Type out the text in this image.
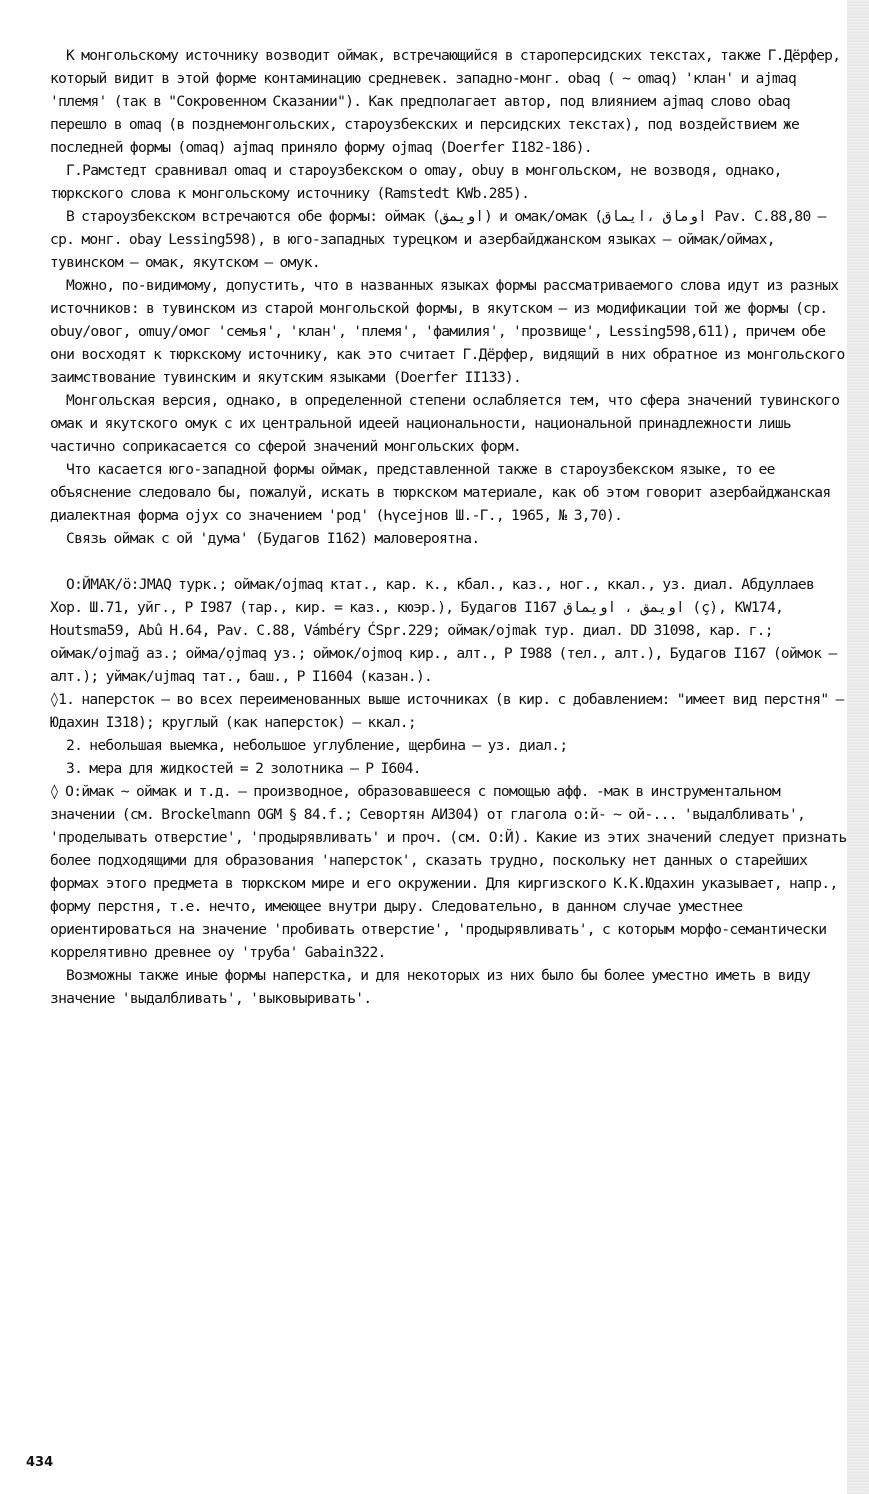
К монгольскому источнику возводит оймак, встречающийся в староперсидских текстах, также Г.Дёрфер, который видит в этой форме контаминацию средневек. западно-монг. obaq ( ~ omaq) 'клан' и ajmaq 'племя' (так в "Сокровенном Сказании"). Как предполагает автор, под влиянием ajmaq слово obaq перешло в omaq (в позднемонгольских, староузбекских и персидских текстах), под воздействием же последней формы (omaq) ajmaq приняло форму ojmaq (Doerfer I182-186).

Г.Рамстедт сравнивал omaq и староузбекском o omay, obuy в монгольском, не возводя, однако, тюркского слова к монгольскому источнику (Ramstedt KWb.285).

В староузбекском встречаются обе формы: оймак (اویمق) и омак/омак (اوماق ،ایماق Pav. C.88,80 – ср. монг. obay Lessing598), в юго-западных турецком и азербайджанском языках – оймак/оймах, тувинском – омак, якутском – омук.

Можно, по-видимому, допустить, что в названных языках формы рассматриваемого слова идут из разных источников: в тувинском из старой монгольской формы, в якутском – из модификации той же формы (ср. obuy/овог, omuy/омог 'семья', 'клан', 'племя', 'фамилия', 'прозвище', Lessing598,611), причем обе они восходят к тюркскому источнику, как это считает Г.Дёрфер, видящий в них обратное из монгольского заимствование тувинским и якутским языками (Doerfer II133).

Монгольская версия, однако, в определенной степени ослабляется тем, что сфера значений тувинского омак и якутского омук с их центральной идеей национальности, национальной принадлежности лишь частично соприкасается со сферой значений монгольских форм.

Что касается юго-западной формы оймак, представленной также в староузбекском языке, то ее объяснение следовало бы, пожалуй, искать в тюркском материале, как об этом говорит азербайджанская диалектная форма ojух со значением 'род' (Һүсејнов Ш.-Г., 1965, № 3,70).

Связь оймак с ой 'дума' (Будагов I162) маловероятна.

О:ЙМАҠ/ö:JMAQ турк.; оймак/ojmaq ктат., кар. к., кбал., каз., ног., ккал., уз. диал. Абдуллаев Хор. Ш.71, уйг., Р I987 (тар., кир. = каз., кюэр.), Будагов I167 اویمق ، اویماق (ç), KW174, Houtsma59, Abû H.64, Pav. C.88, Vámbéry ĆSpr.229; оймак/ojmak тур. диал. DD 31098, кар. г.; оймак/ojmağ аз.; ойма/ọjmaq уз.; оймок/ojmoq кир., алт., Р I988 (тел., алт.), Будагов I167 (оймок – алт.); уймак/ujmaq тат., баш., Р I1604 (казан.).

◊1. наперсток – во всех переименованных выше источниках (в кир. с добавлением: "имеет вид перстня" – Юдахин I318); круглый (как наперсток) – ккал.;

2. небольшая выемка, небольшое углубление, щербина – уз. диал.;

3. мера для жидкостей = 2 золотника – Р I604.

◊ О:ймак ~ оймак и т.д. – производное, образовавшееся с помощью афф. -мак в инструментальном значении (см. Brockelmann OGM § 84.f.; Севортян АИ304) от глагола о:й- ~ ой-... 'выдалбливать', 'проделывать отверстие', 'продырявливать' и проч. (см. О:Й). Какие из этих значений следует признать более подходящими для образования 'наперсток', сказать трудно, поскольку нет данных о старейших формах этого предмета в тюркском мире и его окружении. Для киргизского К.К.Юдахин указывает, напр., форму перстня, т.е. нечто, имеющее внутри дыру. Следовательно, в данном случае уместнее ориентироваться на значение 'пробивать отверстие', 'продырявливать', с которым морфо-семантически коррелятивно древнее оу 'труба' Gabain322.

Возможны также иные формы наперстка, и для некоторых из них было бы более уместно иметь в виду значение 'выдалбливать', 'выковыривать'.

434
